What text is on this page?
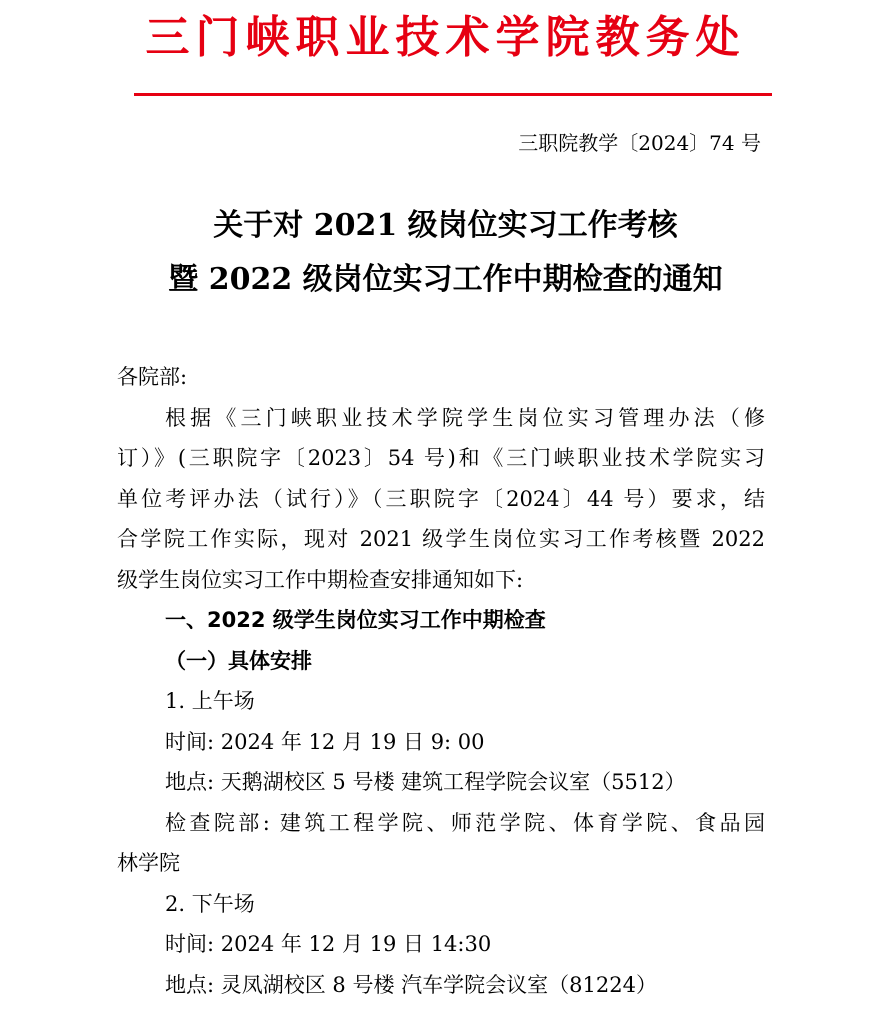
三门峡职业技术学院教务处
三职院教学〔2024〕74 号
关于对 2021 级岗位实习工作考核
暨 2022 级岗位实习工作中期检查的通知
各院部:
根据《三门峡职业技术学院学生岗位实习管理办法（修
订）》(三职院字〔2023〕54 号)和《三门峡职业技术学院实习
单位考评办法（试行）》（三职院字〔2024〕44 号）要求，结
合学院工作实际，现对 2021 级学生岗位实习工作考核暨 2022
级学生岗位实习工作中期检查安排通知如下:
一、2022 级学生岗位实习工作中期检查
（一）具体安排
1. 上午场
时间: 2024 年 12 月 19 日 9: 00
地点: 天鹅湖校区 5 号楼 建筑工程学院会议室（5512）
检查院部: 建筑工程学院、师范学院、体育学院、食品园
林学院
2. 下午场
时间: 2024 年 12 月 19 日 14:30
地点: 灵凤湖校区 8 号楼 汽车学院会议室（81224）
